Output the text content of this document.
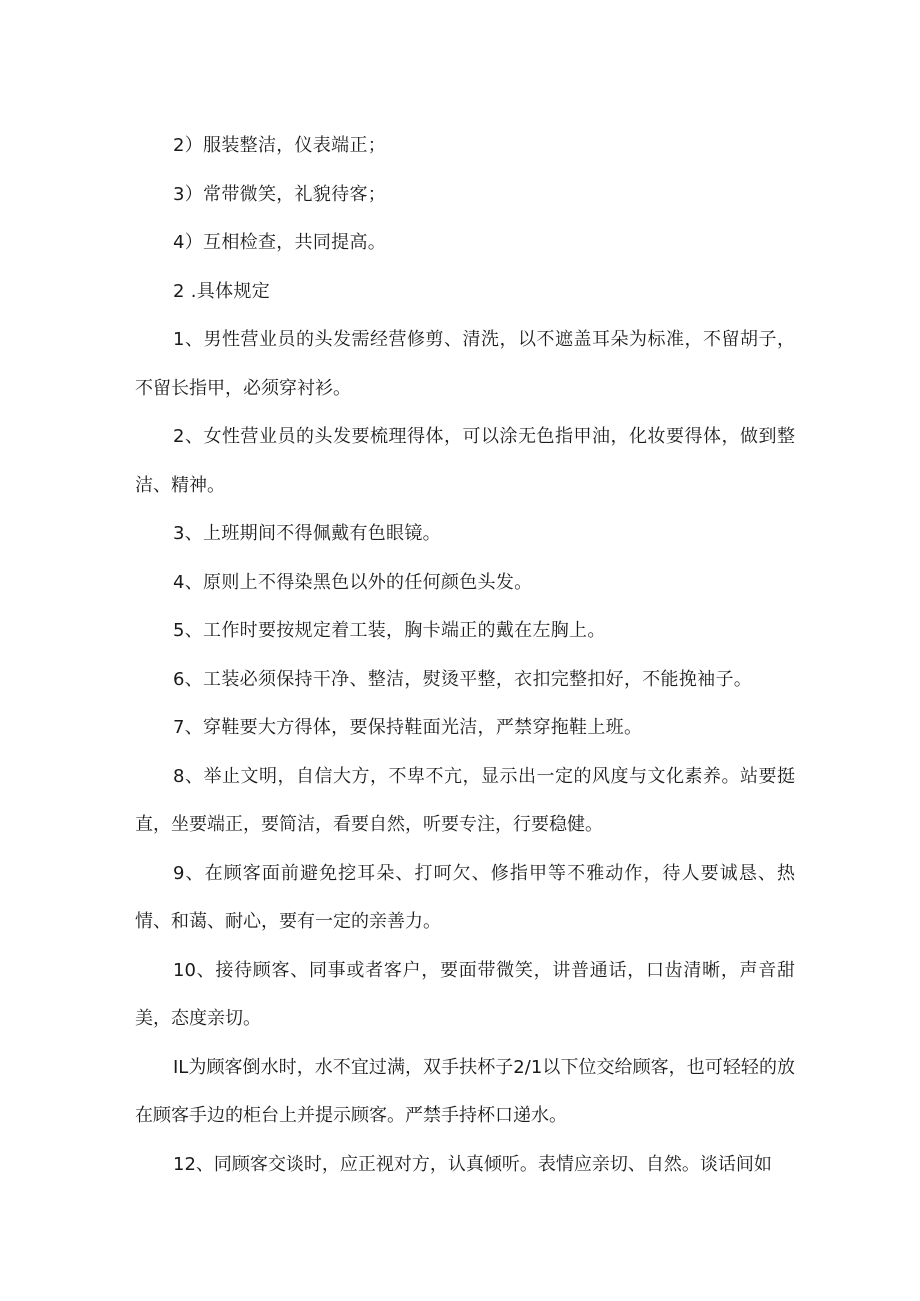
2）服装整洁，仪表端正；

3）常带微笑，礼貌待客；

4）互相检查，共同提高。

2 .具体规定

1、男性营业员的头发需经营修剪、清洗，以不遮盖耳朵为标准，不留胡子，不留长指甲，必须穿衬衫。

2、女性营业员的头发要梳理得体，可以涂无色指甲油，化妆要得体，做到整洁、精神。

3、上班期间不得佩戴有色眼镜。

4、原则上不得染黑色以外的任何颜色头发。

5、工作时要按规定着工装，胸卡端正的戴在左胸上。

6、工装必须保持干净、整洁，熨烫平整，衣扣完整扣好，不能挽袖子。

7、穿鞋要大方得体，要保持鞋面光洁，严禁穿拖鞋上班。

8、举止文明，自信大方，不卑不亢，显示出一定的风度与文化素养。站要挺直，坐要端正，要简洁，看要自然，听要专注，行要稳健。

9、在顾客面前避免挖耳朵、打呵欠、修指甲等不雅动作，待人要诚恳、热情、和蔼、耐心，要有一定的亲善力。

10、接待顾客、同事或者客户，要面带微笑，讲普通话，口齿清晰，声音甜美，态度亲切。

IL为顾客倒水时，水不宜过满，双手扶杯子2/1以下位交给顾客，也可轻轻的放在顾客手边的柜台上并提示顾客。严禁手持杯口递水。

12、同顾客交谈时，应正视对方，认真倾听。表情应亲切、自然。谈话间如
